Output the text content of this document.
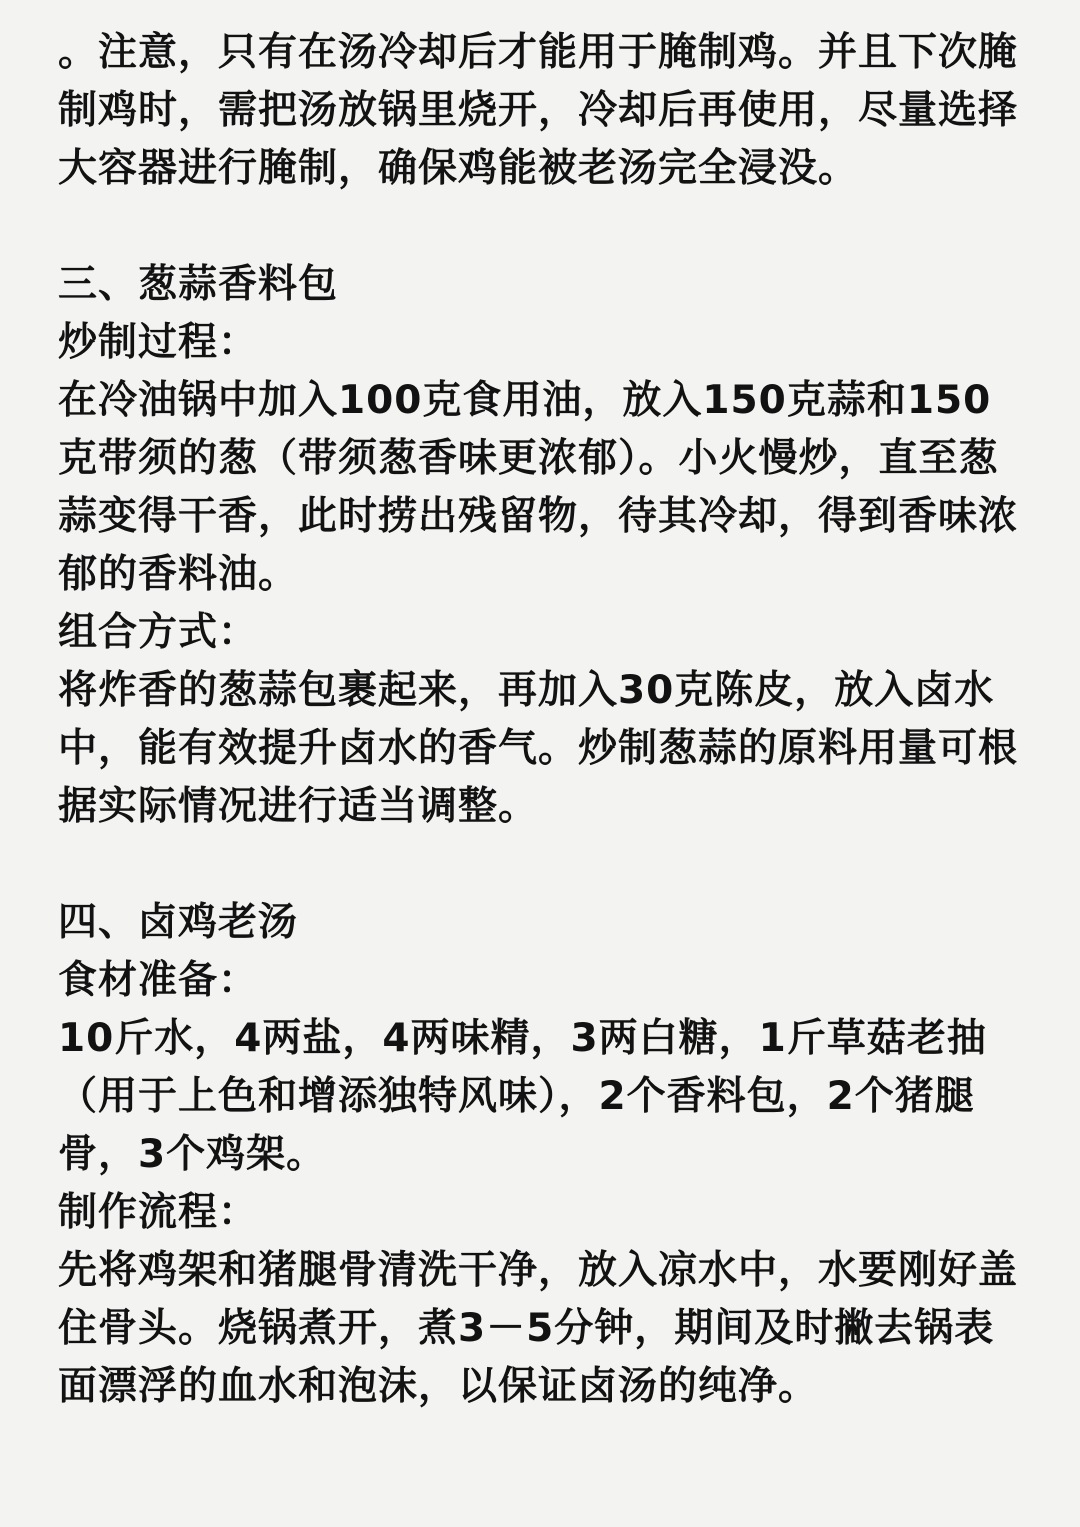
。注意，只有在汤冷却后才能用于腌制鸡。并且下次腌制鸡时，需把汤放锅里烧开，冷却后再使用，尽量选择大容器进行腌制，确保鸡能被老汤完全浸没。

三、葱蒜香料包

炒制过程：

在冷油锅中加入100克食用油，放入150克蒜和150克带须的葱（带须葱香味更浓郁）。小火慢炒，直至葱蒜变得干香，此时捞出残留物，待其冷却，得到香味浓郁的香料油。

组合方式：

将炸香的葱蒜包裹起来，再加入30克陈皮，放入卤水中，能有效提升卤水的香气。炒制葱蒜的原料用量可根据实际情况进行适当调整。

四、卤鸡老汤

食材准备：

10斤水，4两盐，4两味精，3两白糖，1斤草菇老抽（用于上色和增添独特风味），2个香料包，2个猪腿骨，3个鸡架。

制作流程：

先将鸡架和猪腿骨清洗干净，放入凉水中，水要刚好盖住骨头。烧锅煮开，煮3－5分钟，期间及时撇去锅表面漂浮的血水和泡沫，以保证卤汤的纯净。
